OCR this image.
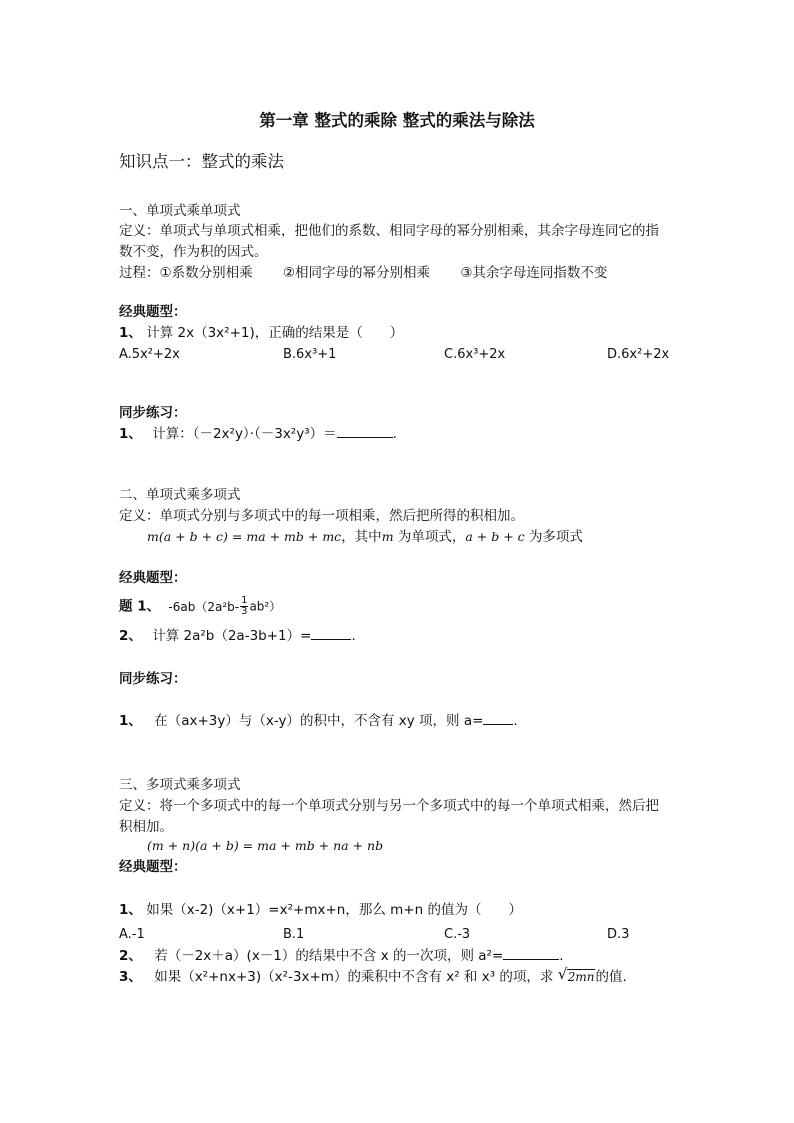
第一章 整式的乘除 整式的乘法与除法
知识点一：整式的乘法
一、单项式乘单项式
定义：单项式与单项式相乘，把他们的系数、相同字母的幂分别相乘，其余字母连同它的指
数不变，作为积的因式。
过程：①系数分别相乘 ②相同字母的幂分别相乘 ③其余字母连同指数不变
经典题型：
1、 计算 2x（3x²+1)，正确的结果是（　　）
A.5x²+2x	B.6x³+1	C.6x³+2x	D.6x²+2x
同步练习：
1、 计算：（－2x²y）·（－3x²y³）＝	.
二、单项式乘多项式
定义：单项式分别与多项式中的每一项相乘，然后把所得的积相加。
m(a + b + c) = ma + mb + mc，其中m 为单项式，a + b + c 为多项式
经典题型：
题 1、 $-6ab(2a^2b- \frac{1}{3} ab^2)$
2、 计算 2a²b（2a-3b+1）=	.
同步练习：
1、 在（ax+3y）与（x-y）的积中，不含有 xy 项，则 a= .
三、多项式乘多项式
定义：将一个多项式中的每一个单项式分别与另一个多项式中的每一个单项式相乘，然后把
积相加。
(m + n)(a + b) = ma + mb + na + nb
经典题型：
1、 如果（x-2)（x+1）=x²+mx+n，那么 m+n 的值为（　　）
A.-1	B.1	C.-3	D.3
2、 若（－2x＋a）(x－1）的结果中不含 x 的一次项，则 a²=	.
3、 如果（x²+nx+3)（x²-3x+m）的乘积中不含有 x² 和 x³ 的项，求 √ 2mn的值.
